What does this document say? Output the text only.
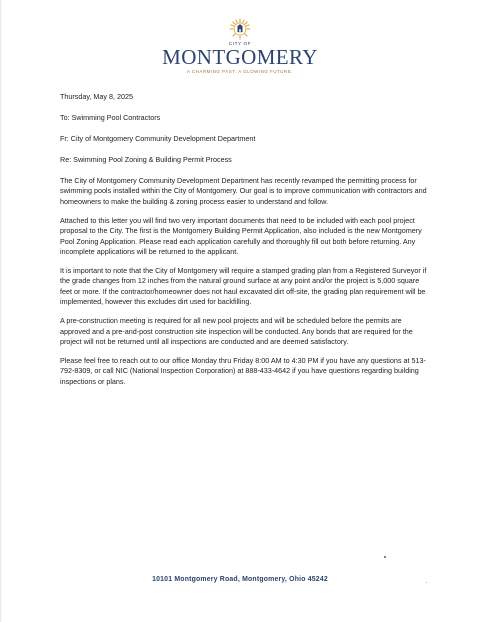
CITY OF
MONTGOMERY
A CHARMING PAST. A GLOWING FUTURE.

Thursday, May 8, 2025

To: Swimming Pool Contractors

Fr: City of Montgomery Community Development Department

Re: Swimming Pool Zoning & Building Permit Process

The City of Montgomery Community Development Department has recently revamped the permitting process for swimming pools installed within the City of Montgomery. Our goal is to improve communication with contractors and homeowners to make the building & zoning process easier to understand and follow.

Attached to this letter you will find two very important documents that need to be included with each pool project proposal to the City. The first is the Montgomery Building Permit Application, also included is the new Montgomery Pool Zoning Application. Please read each application carefully and thoroughly fill out both before returning. Any incomplete applications will be returned to the applicant.

It is important to note that the City of Montgomery will require a stamped grading plan from a Registered Surveyor if the grade changes from 12 inches from the natural ground surface at any point and/or the project is 5,000 square feet or more. If the contractor/homeowner does not haul excavated dirt off-site, the grading plan requirement will be implemented, however this excludes dirt used for backfilling.

A pre-construction meeting is required for all new pool projects and will be scheduled before the permits are approved and a pre-and-post construction site inspection will be conducted. Any bonds that are required for the project will not be returned until all inspections are conducted and are deemed satisfactory.

Please feel free to reach out to our office Monday thru Friday 8:00 AM to 4:30 PM if you have any questions at 513-792-8309, or call NIC (National Inspection Corporation) at 888-433-4642 if you have questions regarding building inspections or plans.

10101 Montgomery Road, Montgomery, Ohio 45242
